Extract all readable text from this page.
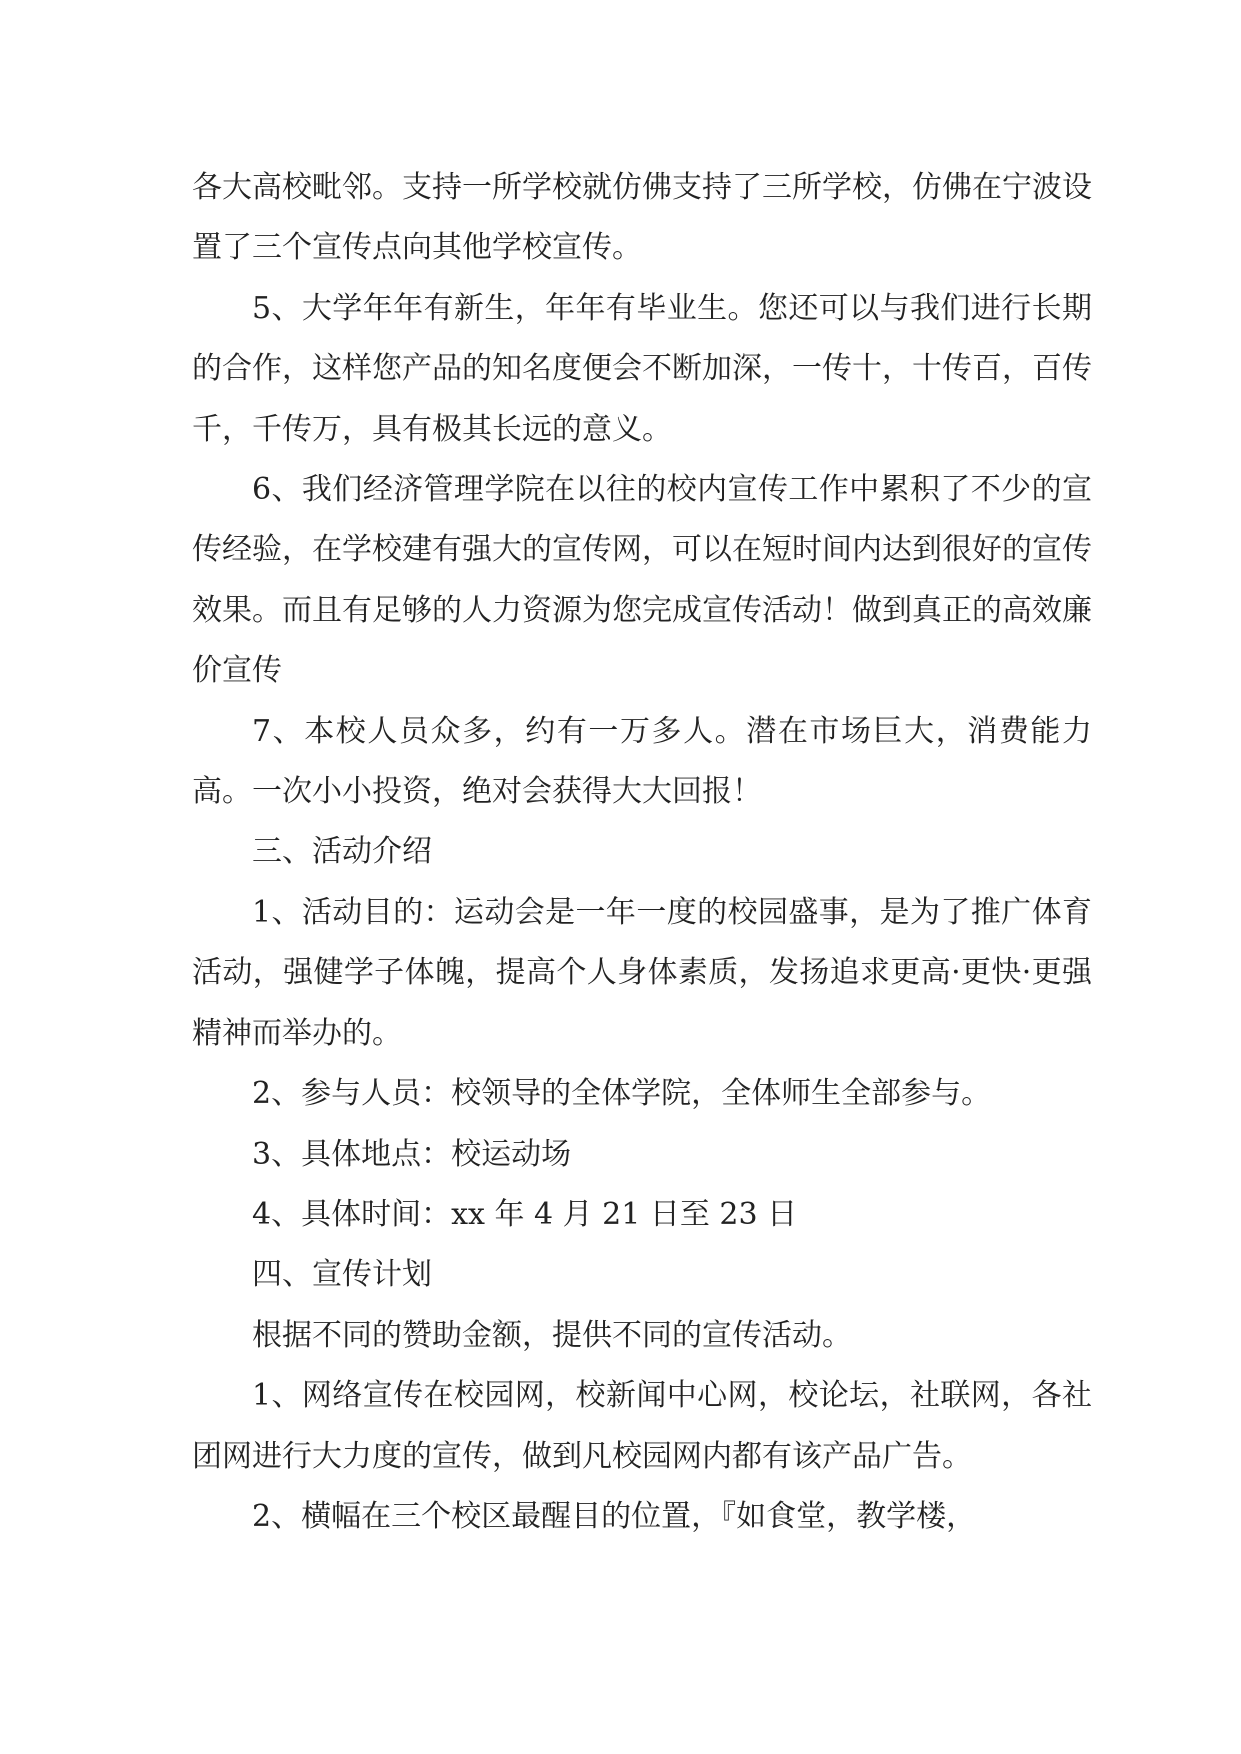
各大高校毗邻。支持一所学校就仿佛支持了三所学校，仿佛在宁波设置了三个宣传点向其他学校宣传。

5、大学年年有新生，年年有毕业生。您还可以与我们进行长期的合作，这样您产品的知名度便会不断加深，一传十，十传百，百传千，千传万，具有极其长远的意义。

6、我们经济管理学院在以往的校内宣传工作中累积了不少的宣传经验，在学校建有强大的宣传网，可以在短时间内达到很好的宣传效果。而且有足够的人力资源为您完成宣传活动！做到真正的高效廉价宣传

7、本校人员众多，约有一万多人。潜在市场巨大，消费能力高。一次小小投资，绝对会获得大大回报！

三、活动介绍

1、活动目的：运动会是一年一度的校园盛事，是为了推广体育活动，强健学子体魄，提高个人身体素质，发扬追求更高·更快·更强精神而举办的。

2、参与人员：校领导的全体学院，全体师生全部参与。

3、具体地点：校运动场

4、具体时间：xx 年 4 月 21 日至 23 日

四、宣传计划

根据不同的赞助金额，提供不同的宣传活动。

1、网络宣传在校园网，校新闻中心网，校论坛，社联网，各社团网进行大力度的宣传，做到凡校园网内都有该产品广告。

2、横幅在三个校区最醒目的位置，『如食堂，教学楼，
